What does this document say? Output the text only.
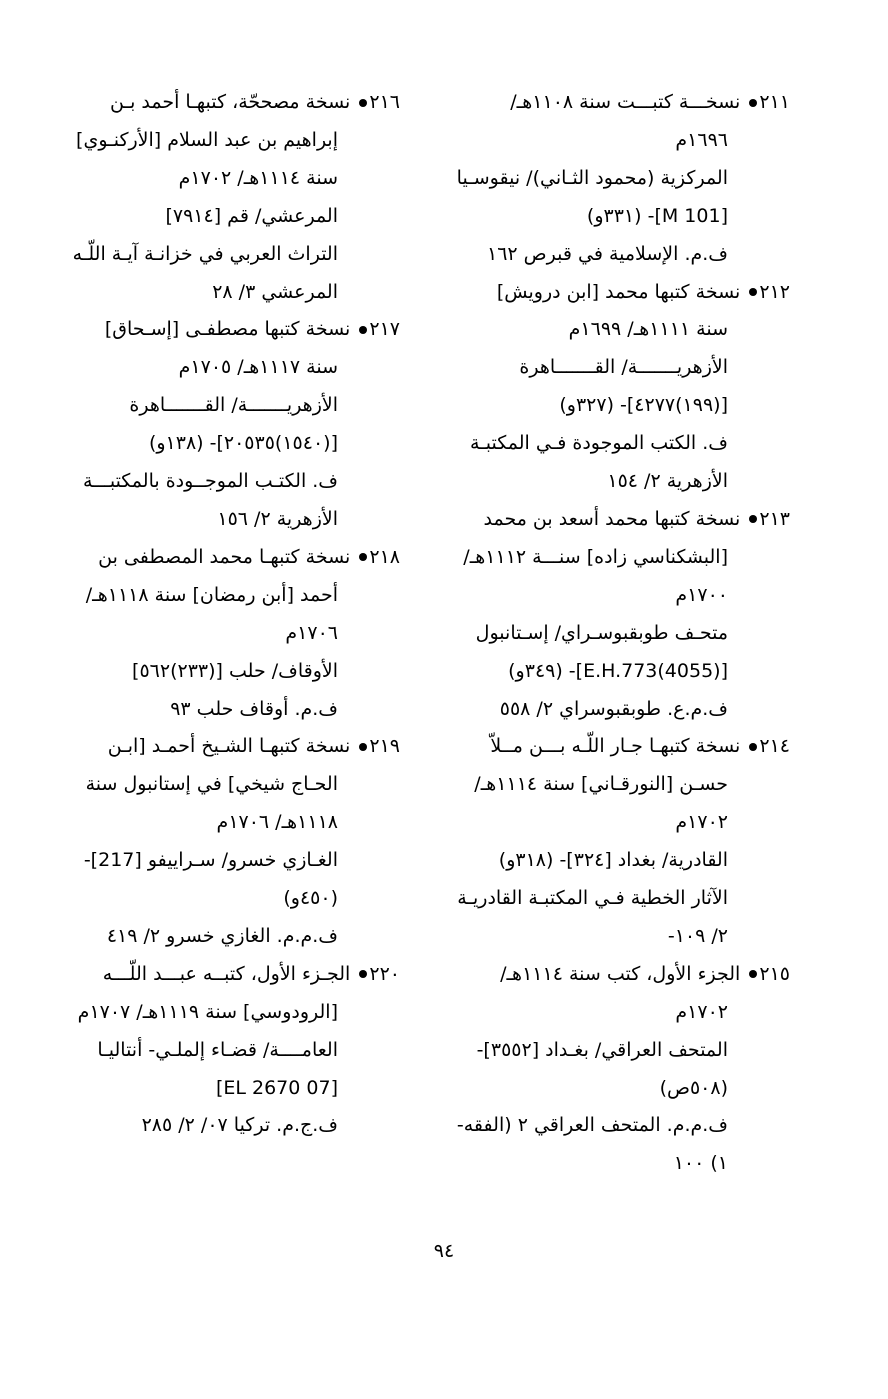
٢١١ نسخـــة كتبـــت سنة ١١٠٨هـ/
١٦٩٦م
المركزية (محمود الثـاني)/ نيقوسـيا
[M 101]- (٣٣١و)
ف.م. الإسلامية في قبرص ١٦٢
٢١٢ نسخة كتبها محمد [ابن درويش]
سنة ١١١١هـ/ ١٦٩٩م
الأزهريـــــــة/ القـــــــاهرة
[(١٩٩)٤٢٧٧]- (٣٢٧و)
ف. الكتب الموجودة فـي المكتبـة
الأزهرية ٢/ ١٥٤
٢١٣ نسخة كتبها محمد أسعد بن محمد
[البشكناسي زاده] سنـــة ١١١٢هـ/
١٧٠٠م
متحـف طوبقبوسـراي/ إسـتانبول
[E.H.773(4055)]- (٣٤٩و)
ف.م.ع. طوبقبوسراي ٢/ ٥٥٨
٢١٤ نسخة كتبهـا جـار اللّـه بـــن مــلاّ
حسـن [النورقـاني] سنة ١١١٤هـ/
١٧٠٢م
القادرية/ بغداد [٣٢٤]- (٣١٨و)
الآثار الخطية فـي المكتبـة القادريـة
٢/ ١٠٩-
٢١٥ الجزء الأول، كتب سنة ١١١٤هـ/
١٧٠٢م
المتحف العراقي/ بغـداد [٣٥٥٢]-
(٥٠٨ص)
ف.م.م. المتحف العراقي ٢ (الفقه-
١) ١٠٠
٢١٦ نسخة مصححّة، كتبهـا أحمد بـن
إبراهيم بن عبد السلام [الأركنـوي]
سنة ١١١٤هـ/ ١٧٠٢م
المرعشي/ قم [٧٩١٤]
التراث العربي في خزانـة آيـة اللّـه
المرعشي ٣/ ٢٨
٢١٧ نسخة كتبها مصطفـى [إسـحاق]
سنة ١١١٧هـ/ ١٧٠٥م
الأزهريـــــــة/ القـــــــاهرة
[(١٥٤٠)٢٠٥٣٥]- (١٣٨و)
ف. الكتـب الموجــودة بالمكتبـــة
الأزهرية ٢/ ١٥٦
٢١٨ نسخة كتبهـا محمد المصطفى بن
أحمد [أبن رمضان] سنة ١١١٨هـ/
١٧٠٦م
الأوقاف/ حلب [(٢٣٣)٥٦٢]
ف.م. أوقاف حلب ٩٣
٢١٩ نسخة كتبهـا الشـيخ أحمـد [ابـن
الحـاج شيخي] في إستانبول سنة
١١١٨هـ/ ١٧٠٦م
الغـازي خسرو/ سـراييفو [217]-
(٤٥٠و)
ف.م.م. الغازي خسرو ٢/ ٤١٩
٢٢٠ الجـزء الأول، كتبــه عبـــد اللّـــه
[الرودوسي] سنة ١١١٩هـ/ ١٧٠٧م
العامــــة/ قضـاء إلملـي- أنتاليـا
[07 EL 2670]
ف.ج.م. تركيا ٠٧/ ٢/ ٢٨٥
٩٤
